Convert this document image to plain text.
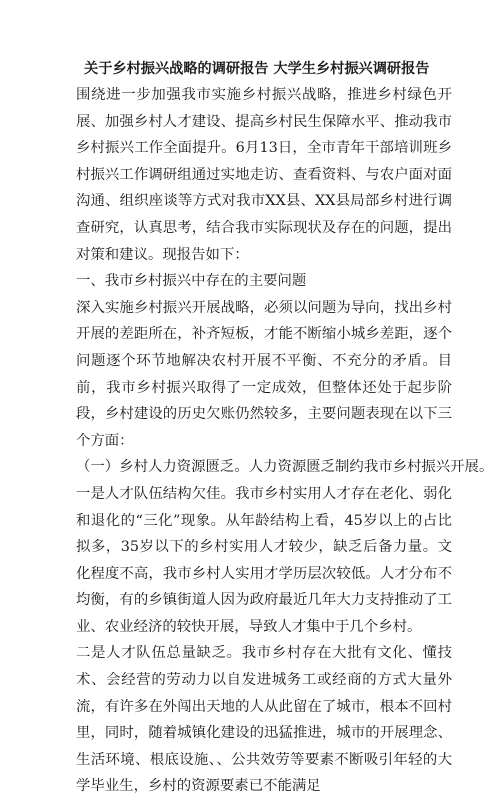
关于乡村振兴战略的调研报告 大学生乡村振兴调研报告

围绕进一步加强我市实施乡村振兴战略，推进乡村绿色开展、加强乡村人才建设、提高乡村民生保障水平、推动我市乡村振兴工作全面提升。6月13日，全市青年干部培训班乡村振兴工作调研组通过实地走访、查看资料、与农户面对面沟通、组织座谈等方式对我市XX县、XX县局部乡村进行调查研究，认真思考，结合我市实际现状及存在的问题，提出对策和建议。现报告如下：

一、我市乡村振兴中存在的主要问题

深入实施乡村振兴开展战略，必须以问题为导向，找出乡村开展的差距所在，补齐短板，才能不断缩小城乡差距，逐个问题逐个环节地解决农村开展不平衡、不充分的矛盾。目前，我市乡村振兴取得了一定成效，但整体还处于起步阶段，乡村建设的历史欠账仍然较多，主要问题表现在以下三个方面：

（一）乡村人力资源匮乏。人力资源匮乏制约我市乡村振兴开展。

一是人才队伍结构欠佳。我市乡村实用人才存在老化、弱化和退化的“三化”现象。从年龄结构上看，45岁以上的占比拟多，35岁以下的乡村实用人才较少，缺乏后备力量。文化程度不高，我市乡村人实用才学历层次较低。人才分布不均衡，有的乡镇街道人因为政府最近几年大力支持推动了工业、农业经济的较快开展，导致人才集中于几个乡村。

二是人才队伍总量缺乏。我市乡村存在大批有文化、懂技术、会经营的劳动力以自发进城务工或经商的方式大量外流，有许多在外闯出天地的人从此留在了城市，根本不回村里，同时，随着城镇化建设的迅猛推进，城市的开展理念、生活环境、根底设施、、公共效劳等要素不断吸引年轻的大学毕业生，乡村的资源要素已不能满足
